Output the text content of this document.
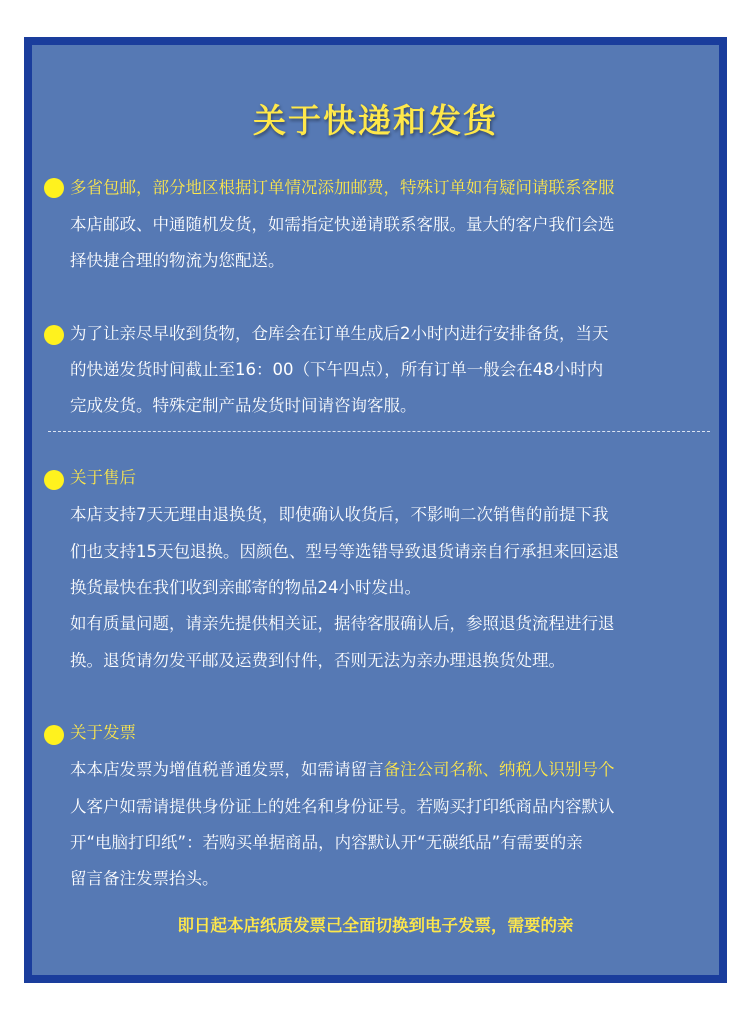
关于快递和发货
多省包邮，部分地区根据订单情况添加邮费，特殊订单如有疑问请联系客服
本店邮政、中通随机发货，如需指定快递请联系客服。量大的客户我们会选
择快捷合理的物流为您配送。
为了让亲尽早收到货物，仓库会在订单生成后2小时内进行安排备货，当天
的快递发货时间截止至16：00（下午四点），所有订单一般会在48小时内
完成发货。特殊定制产品发货时间请咨询客服。
关于售后
本店支持7天无理由退换货，即使确认收货后，不影响二次销售的前提下我
们也支持15天包退换。因颜色、型号等选错导致退货请亲自行承担来回运退
换货最快在我们收到亲邮寄的物品24小时发出。
如有质量问题，请亲先提供相关证，据待客服确认后，参照退货流程进行退
换。退货请勿发平邮及运费到付件，否则无法为亲办理退换货处理。
关于发票
本本店发票为增值税普通发票，如需请留言备注公司名称、纳税人识别号个
人客户如需请提供身份证上的姓名和身份证号。若购买打印纸商品内容默认
开“电脑打印纸”：若购买单据商品，内容默认开“无碳纸品”有需要的亲
留言备注发票抬头。
即日起本店纸质发票己全面切换到电子发票，需要的亲
